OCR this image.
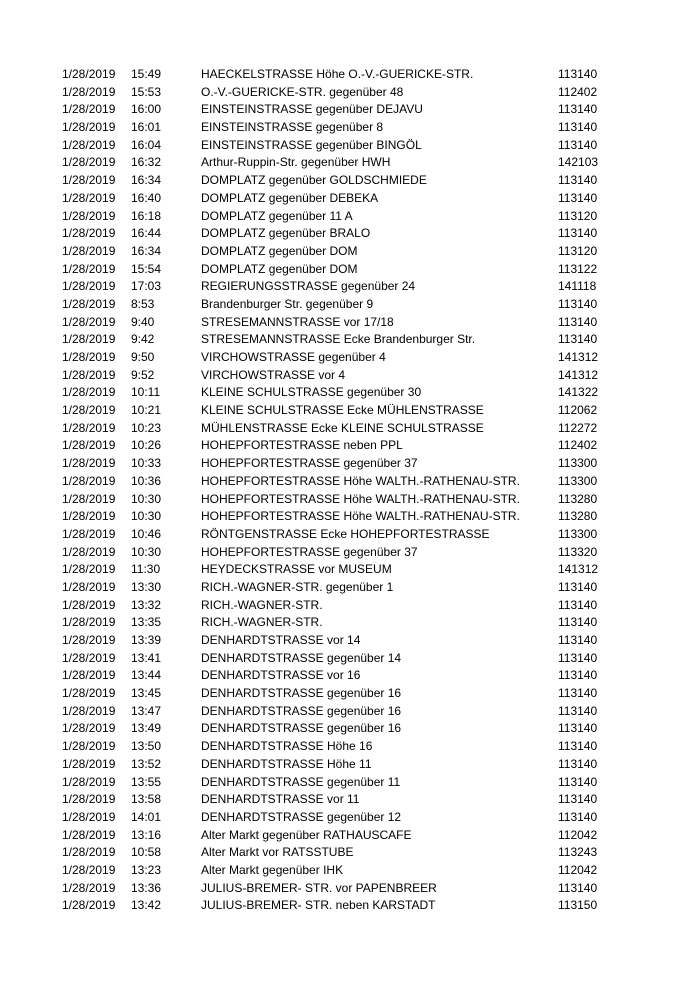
1/28/2019 15:49	HAECKELSTRASSE Höhe O.-V.-GUERICKE-STR.	113140
1/28/2019 15:53	O.-V.-GUERICKE-STR. gegenüber 48	112402
1/28/2019 16:00	EINSTEINSTRASSE gegenüber DEJAVU	113140
1/28/2019 16:01	EINSTEINSTRASSE gegenüber 8	113140
1/28/2019 16:04	EINSTEINSTRASSE gegenüber BINGÖL	113140
1/28/2019 16:32	Arthur-Ruppin-Str. gegenüber HWH	142103
1/28/2019 16:34	DOMPLATZ gegenüber GOLDSCHMIEDE	113140
1/28/2019 16:40	DOMPLATZ gegenüber DEBEKA	113140
1/28/2019 16:18	DOMPLATZ gegenüber 11 A	113120
1/28/2019 16:44	DOMPLATZ gegenüber BRALO	113140
1/28/2019 16:34	DOMPLATZ gegenüber DOM	113120
1/28/2019 15:54	DOMPLATZ gegenüber DOM	113122
1/28/2019 17:03	REGIERUNGSSTRASSE gegenüber 24	141118
1/28/2019 8:53	Brandenburger Str. gegenüber 9	113140
1/28/2019 9:40	STRESEMANNSTRASSE vor 17/18	113140
1/28/2019 9:42	STRESEMANNSTRASSE Ecke Brandenburger Str.	113140
1/28/2019 9:50	VIRCHOWSTRASSE gegenüber 4	141312
1/28/2019 9:52	VIRCHOWSTRASSE vor 4	141312
1/28/2019 10:11	KLEINE SCHULSTRASSE gegenüber 30	141322
1/28/2019 10:21	KLEINE SCHULSTRASSE Ecke MÜHLENSTRASSE	112062
1/28/2019 10:23	MÜHLENSTRASSE Ecke KLEINE SCHULSTRASSE	112272
1/28/2019 10:26	HOHEPFORTESTRASSE neben PPL	112402
1/28/2019 10:33	HOHEPFORTESTRASSE gegenüber 37	113300
1/28/2019 10:36	HOHEPFORTESTRASSE Höhe WALTH.-RATHENAU-STR.	113300
1/28/2019 10:30	HOHEPFORTESTRASSE Höhe WALTH.-RATHENAU-STR.	113280
1/28/2019 10:30	HOHEPFORTESTRASSE Höhe WALTH.-RATHENAU-STR.	113280
1/28/2019 10:46	RÖNTGENSTRASSE Ecke HOHEPFORTESTRASSE	113300
1/28/2019 10:30	HOHEPFORTESTRASSE gegenüber 37	113320
1/28/2019 11:30	HEYDECKSTRASSE vor MUSEUM	141312
1/28/2019 13:30	RICH.-WAGNER-STR. gegenüber 1	113140
1/28/2019 13:32	RICH.-WAGNER-STR.	113140
1/28/2019 13:35	RICH.-WAGNER-STR.	113140
1/28/2019 13:39	DENHARDTSTRASSE vor 14	113140
1/28/2019 13:41	DENHARDTSTRASSE gegenüber 14	113140
1/28/2019 13:44	DENHARDTSTRASSE vor 16	113140
1/28/2019 13:45	DENHARDTSTRASSE gegenüber 16	113140
1/28/2019 13:47	DENHARDTSTRASSE gegenüber 16	113140
1/28/2019 13:49	DENHARDTSTRASSE gegenüber 16	113140
1/28/2019 13:50	DENHARDTSTRASSE Höhe 16	113140
1/28/2019 13:52	DENHARDTSTRASSE Höhe 11	113140
1/28/2019 13:55	DENHARDTSTRASSE gegenüber 11	113140
1/28/2019 13:58	DENHARDTSTRASSE vor 11	113140
1/28/2019 14:01	DENHARDTSTRASSE gegenüber 12	113140
1/28/2019 13:16	Alter Markt gegenüber RATHAUSCAFE	112042
1/28/2019 10:58	Alter Markt vor RATSSTUBE	113243
1/28/2019 13:23	Alter Markt gegenüber IHK	112042
1/28/2019 13:36	JULIUS-BREMER- STR. vor PAPENBREER	113140
1/28/2019 13:42	JULIUS-BREMER- STR. neben KARSTADT	113150
